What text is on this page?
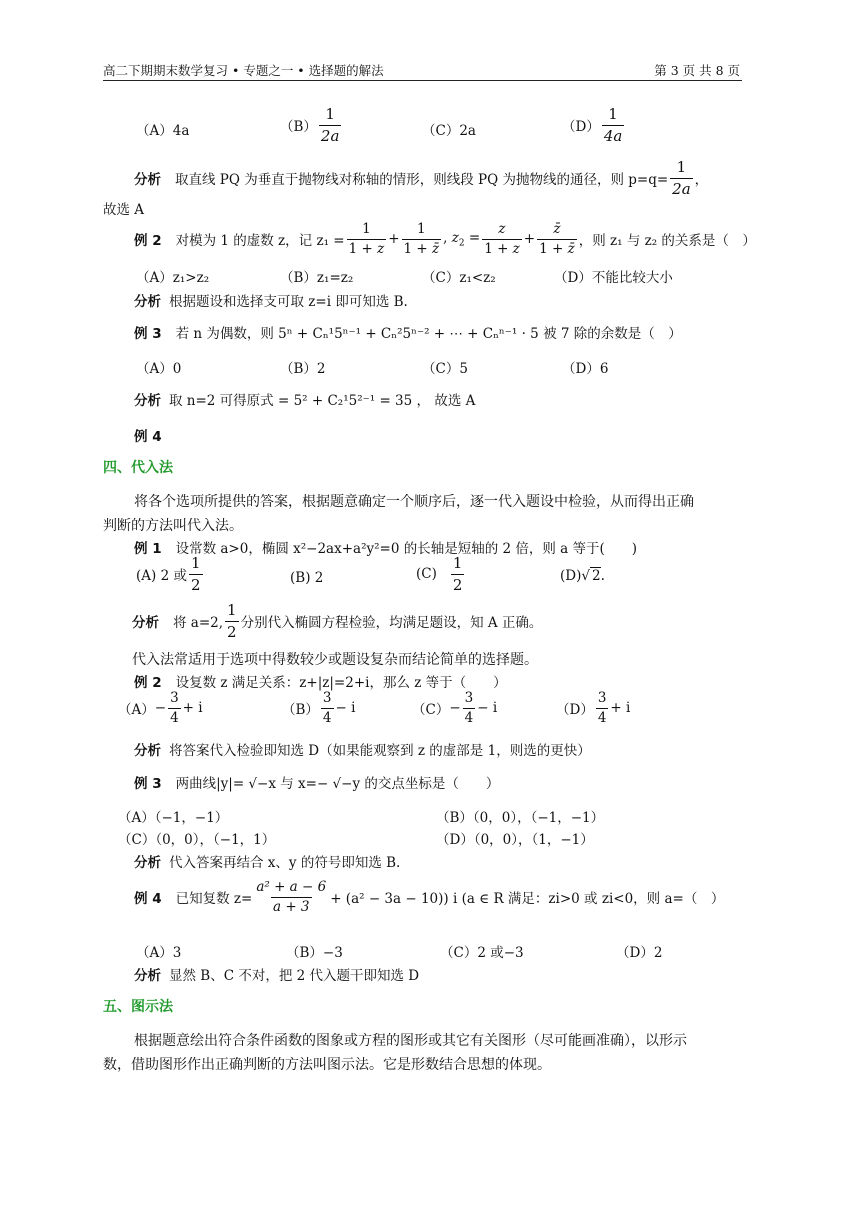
高二下期期末数学复习 • 专题之一 • 选择题的解法	第 3 页 共 8 页
（A）4a	$(B) \frac{1}{2a}$	（C）2a	$(D) \frac{1}{4a}$
分析 取直线 PQ 为垂直于抛物线对称轴的情形，则线段 PQ 为抛物线的通径，则 $p=q= \frac{1}{2a}$ ，
故选 A
例 2 对模为 1 的虚数 z，记 $z_1 = \frac{1}{1 + z} + \frac{1}{1 + z̄}$ , $z_2 = \frac{z}{1 + z} + \frac{z̄}{1 + z̄}$ ，则 z₁ 与 z₂ 的关系是（　）
（A）z₁>z₂	（B）z₁=z₂	（C）z₁<z₂	（D）不能比较大小
分析 根据题设和选择支可取 z=i 即可知选 B.
例 3 若 n 为偶数，则 5ⁿ + Cₙ¹5ⁿ⁻¹ + Cₙ²5ⁿ⁻² + ⋯ + Cₙⁿ⁻¹ · 5 被 7 除的余数是（　）
（A）0	（B）2	（C）5	（D）6
分析 取 n=2 可得原式 = 5² + C₂¹5²⁻¹ = 35 ， 故选 A
例 4
四、代入法
将各个选项所提供的答案，根据题意确定一个顺序后，逐一代入题设中检验，从而得出正确
判断的方法叫代入法。
例 1 设常数 a>0，椭圆 x²−2ax+a²y²=0 的长轴是短轴的 2 倍，则 a 等于(　　)
(A) 2 或 $\frac{1}{2}$	(B) 2	$(C) \frac{1}{2}$	(D)√ 2.
分析 将 a=2, $\frac{1}{2}$ 分别代入椭圆方程检验，均满足题设，知 A 正确。
代入法常适用于选项中得数较少或题设复杂而结论简单的选择题。
例 2 设复数 z 满足关系：z+|z|=2+i，那么 z 等于（　　）
$(A) - \frac{3}{4} + i$	$(B) \frac{3}{4} - i$	$(C) - \frac{3}{4} - i$	$(D) \frac{3}{4} + i$
分析 将答案代入检验即知选 D（如果能观察到 z 的虚部是 1，则选的更快）
例 3 两曲线|y|= √−x 与 x=− √−y 的交点坐标是（　　）
（A）（−1，−1）	（B）（0，0），（−1，−1）
（C）（0，0），（−1，1）	（D）（0，0），（1，−1）
分析 代入答案再结合 x、y 的符号即知选 B.
例 4 已知复数 $z= \frac{\text{a² + a − 6}}{a + 3} + (a^2 - 3a - 10)$) i (a ∈ R 满足：zi>0 或 zi<0，则 a=（　）
（A）3	（B）−3	（C）2 或−3	（D）2
分析 显然 B、C 不对，把 2 代入题干即知选 D
五、图示法
根据题意绘出符合条件函数的图象或方程的图形或其它有关图形（尽可能画准确），以形示
数，借助图形作出正确判断的方法叫图示法。它是形数结合思想的体现。
